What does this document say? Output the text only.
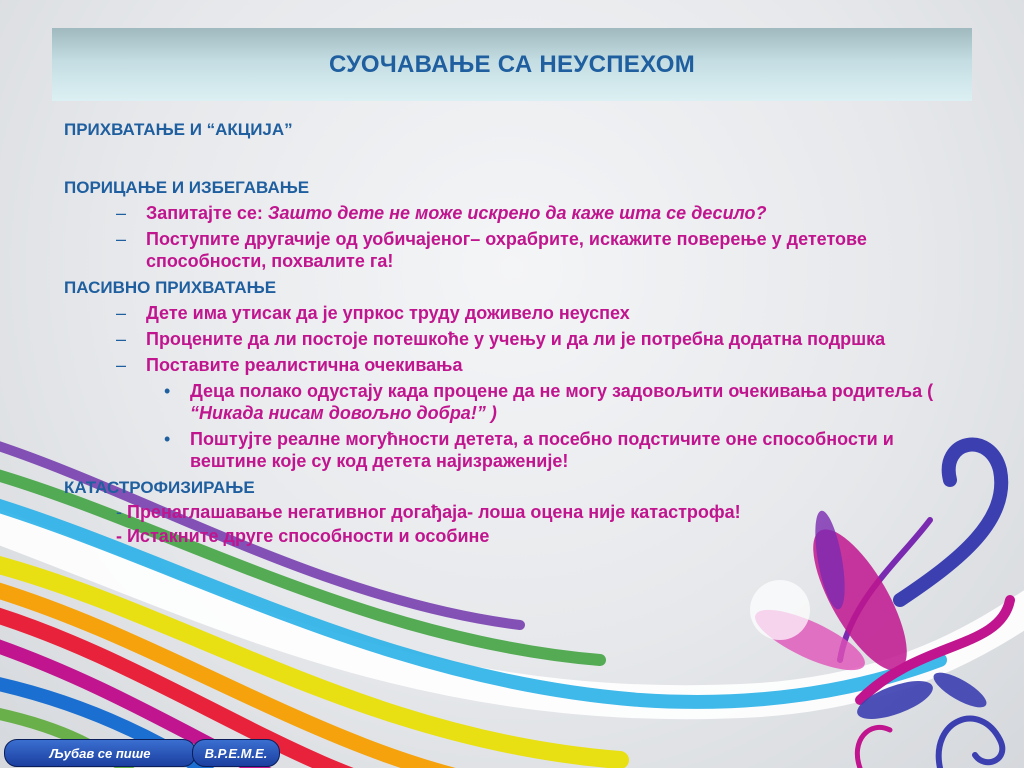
СУОЧАВАЊЕ СА НЕУСПЕХОМ
ПРИХВАТАЊЕ И “АКЦИЈА”
ПОРИЦАЊЕ И ИЗБЕГАВАЊЕ
– Запитајте се: Зашто дете не може искрено да каже шта се десило?
– Поступите другачије од уобичајеног– охрабрите, искажите поверење у дететове способности, похвалите га!
ПАСИВНО ПРИХВАТАЊЕ
– Дете има утисак да је упркос труду доживело неуспех
– Процените да ли постоје потешкоће у учењу и да ли је потребна додатна подршка
– Поставите реалистична очекивања
• Деца полако одустају када процене да не могу задовољити очекивања родитеља ( “Никада нисам довољно добра!” )
• Поштујте реалне могућности детета, а посебно подстичите оне способности и вештине које су код детета најизраженије!
КАТАСТРОФИЗИРАЊЕ
- Пренаглашавање негативног догађаја- лоша оцена није катастрофа!
- Истакните друге способности и особине
Љубав се пише	В.Р.Е.М.Е.
